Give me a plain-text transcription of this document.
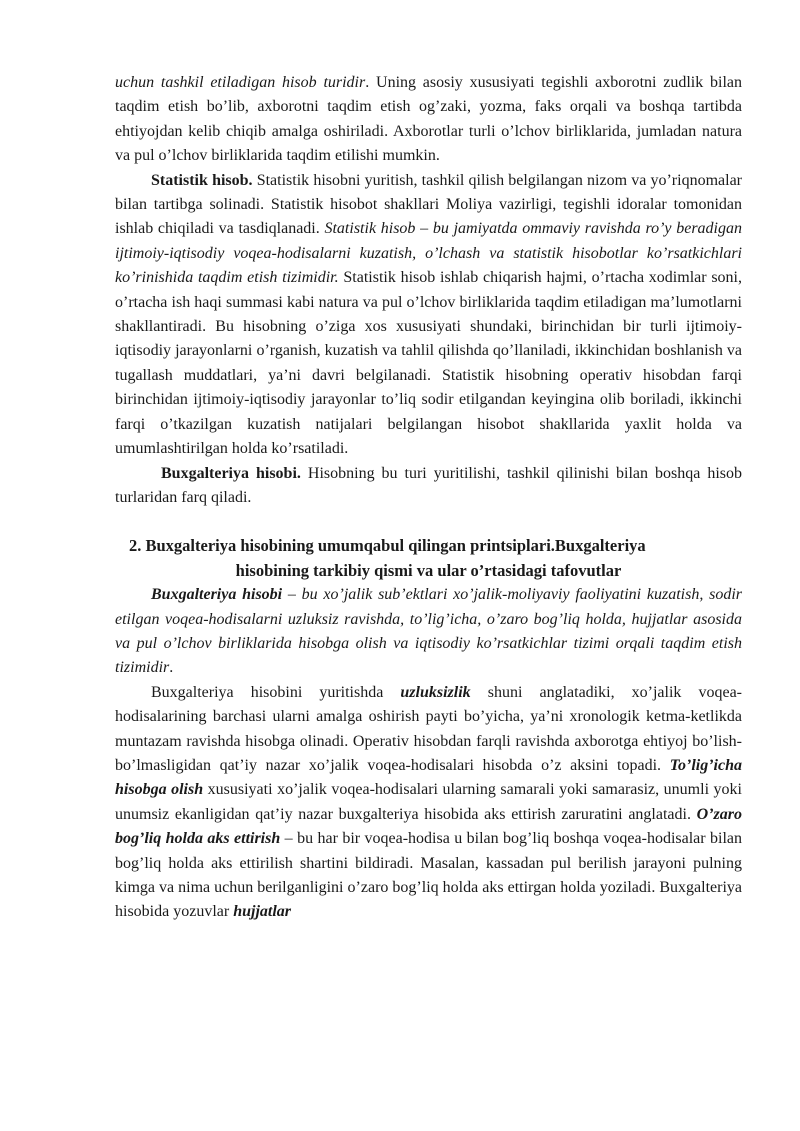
uchun tashkil etiladigan hisob turidir. Uning asosiy xususiyati tegishli axborotni zudlik bilan taqdim etish bo’lib, axborotni taqdim etish og’zaki, yozma, faks orqali va boshqa tartibda ehtiyojdan kelib chiqib amalga oshiriladi. Axborotlar turli o’lchov birliklarida, jumladan natura va pul o’lchov birliklarida taqdim etilishi mumkin.

Statistik hisob. Statistik hisobni yuritish, tashkil qilish belgilangan nizom va yo’riqnomalar bilan tartibga solinadi. Statistik hisobot shakllari Moliya vazirligi, tegishli idoralar tomonidan ishlab chiqiladi va tasdiqlanadi. Statistik hisob – bu jamiyatda ommaviy ravishda ro’y beradigan ijtimoiy-iqtisodiy voqea-hodisalarni kuzatish, o’lchash va statistik hisobotlar ko’rsatkichlari ko’rinishida taqdim etish tizimidir. Statistik hisob ishlab chiqarish hajmi, o’rtacha xodimlar soni, o’rtacha ish haqi summasi kabi natura va pul o’lchov birliklarida taqdim etiladigan ma’lumotlarni shakllantiradi. Bu hisobning o’ziga xos xususiyati shundaki, birinchidan bir turli ijtimoiy-iqtisodiy jarayonlarni o’rganish, kuzatish va tahlil qilishda qo’llaniladi, ikkinchidan boshlanish va tugallash muddatlari, ya’ni davri belgilanadi. Statistik hisobning operativ hisobdan farqi birinchidan ijtimoiy-iqtisodiy jarayonlar to’liq sodir etilgandan keyingina olib boriladi, ikkinchi farqi o’tkazilgan kuzatish natijalari belgilangan hisobot shakllarida yaxlit holda va umumlashtirilgan holda ko’rsatiladi.

Buxgalteriya hisobi. Hisobning bu turi yuritilishi, tashkil qilinishi bilan boshqa hisob turlaridan farq qiladi.

2. Buxgalteriya hisobining umumqabul qilingan printsiplari.Buxgalteriya
hisobining tarkibiy qismi va ular o’rtasidagi tafovutlar

Buxgalteriya hisobi – bu xo’jalik sub’ektlari xo’jalik-moliyaviy faoliyatini kuzatish, sodir etilgan voqea-hodisalarni uzluksiz ravishda, to’lig’icha, o’zaro bog’liq holda, hujjatlar asosida va pul o’lchov birliklarida hisobga olish va iqtisodiy ko’rsatkichlar tizimi orqali taqdim etish tizimidir.

Buxgalteriya hisobini yuritishda uzluksizlik shuni anglatadiki, xo’jalik voqea-hodisalarining barchasi ularni amalga oshirish payti bo’yicha, ya’ni xronologik ketma-ketlikda muntazam ravishda hisobga olinadi. Operativ hisobdan farqli ravishda axborotga ehtiyoj bo’lish-bo’lmasligidan qat’iy nazar xo’jalik voqea-hodisalari hisobda o’z aksini topadi. To’lig’icha hisobga olish xususiyati xo’jalik voqea-hodisalari ularning samarali yoki samarasiz, unumli yoki unumsiz ekanligidan qat’iy nazar buxgalteriya hisobida aks ettirish zaruratini anglatadi. O’zaro bog’liq holda aks ettirish – bu har bir voqea-hodisa u bilan bog’liq boshqa voqea-hodisalar bilan bog’liq holda aks ettirilish shartini bildiradi. Masalan, kassadan pul berilish jarayoni pulning kimga va nima uchun berilganligini o’zaro bog’liq holda aks ettirgan holda yoziladi. Buxgalteriya hisobida yozuvlar hujjatlar
